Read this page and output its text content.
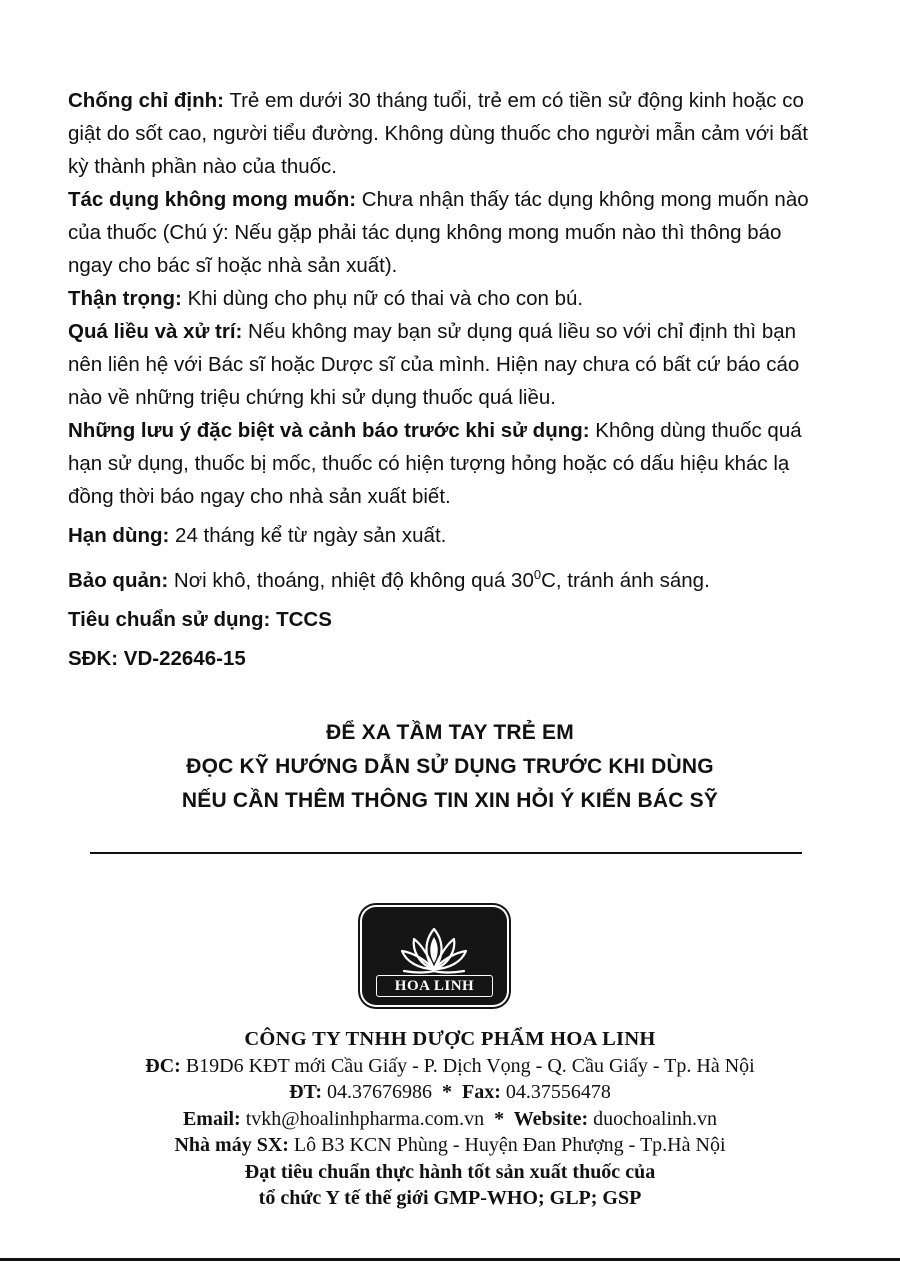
Chống chỉ định: Trẻ em dưới 30 tháng tuổi, trẻ em có tiền sử động kinh hoặc co giật do sốt cao, người tiểu đường. Không dùng thuốc cho người mẫn cảm với bất kỳ thành phần nào của thuốc.

Tác dụng không mong muốn: Chưa nhận thấy tác dụng không mong muốn nào của thuốc (Chú ý: Nếu gặp phải tác dụng không mong muốn nào thì thông báo ngay cho bác sĩ hoặc nhà sản xuất).

Thận trọng: Khi dùng cho phụ nữ có thai và cho con bú.

Quá liều và xử trí: Nếu không may bạn sử dụng quá liều so với chỉ định thì bạn nên liên hệ với Bác sĩ hoặc Dược sĩ của mình. Hiện nay chưa có bất cứ báo cáo nào về những triệu chứng khi sử dụng thuốc quá liều.

Những lưu ý đặc biệt và cảnh báo trước khi sử dụng: Không dùng thuốc quá hạn sử dụng, thuốc bị mốc, thuốc có hiện tượng hỏng hoặc có dấu hiệu khác lạ đồng thời báo ngay cho nhà sản xuất biết.

Hạn dùng: 24 tháng kể từ ngày sản xuất.

Bảo quản: Nơi khô, thoáng, nhiệt độ không quá $30^0C$, tránh ánh sáng.

Tiêu chuẩn sử dụng: TCCS

SĐK: VD-22646-15

ĐỂ XA TẦM TAY TRẺ EM
ĐỌC KỸ HƯỚNG DẪN SỬ DỤNG TRƯỚC KHI DÙNG
NẾU CẦN THÊM THÔNG TIN XIN HỎI Ý KIẾN BÁC SỸ
HOA LINH
CÔNG TY TNHH DƯỢC PHẨM HOA LINH
ĐC: B19D6 KĐT mới Cầu Giấy - P. Dịch Vọng - Q. Cầu Giấy - Tp. Hà Nội
ĐT: 04.37676986  *  Fax: 04.37556478
Email: tvkh@hoalinhpharma.com.vn  *  Website: duochoalinh.vn
Nhà máy SX: Lô B3 KCN Phùng - Huyện Đan Phượng - Tp.Hà Nội
Đạt tiêu chuẩn thực hành tốt sản xuất thuốc của
tổ chức Y tế thế giới GMP-WHO; GLP; GSP
